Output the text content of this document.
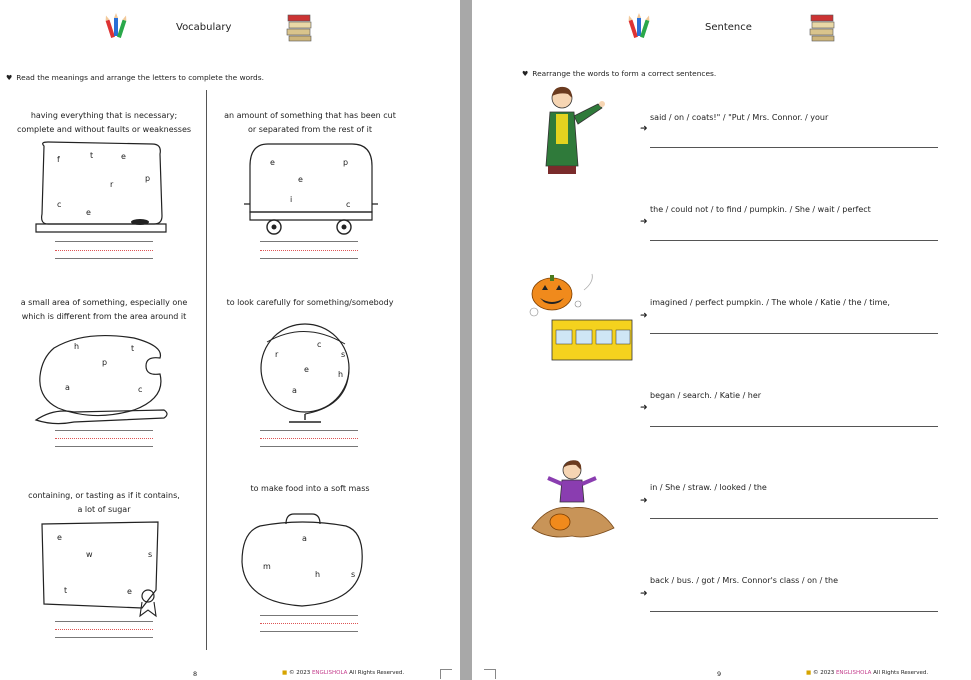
Vocabulary
♥ Read the meanings and arrange the letters to complete the words.
having everything that is necessary;
complete and without faults or weaknesses
f	t	e
r
p
c
e
an amount of something that has been cut
or separated from the rest of it
e	p
e
i
c
a small area of something, especially one
which is different from the area around it
h	t
p
a	c
to look carefully for something/somebody
c
r	s
e
h
a
containing, or tasting as if it contains,
a lot of sugar
e
w	s
t	e
to make food into a soft mass
a
m
h	s
8	■ © 2023 ENGLISHOLA All Rights Reserved.
Sentence
♥ Rearrange the words to form a correct sentences.
said / on / coats!" / "Put / Mrs. Connor. / your
➜
the / could not / to find / pumpkin. / She / wait / perfect
➜
imagined / perfect pumpkin. / The whole / Katie / the / time,
➜
began / search. / Katie / her
➜
in / She / straw. / looked / the
➜
back / bus. / got / Mrs. Connor's class / on / the
➜
9	■ © 2023 ENGLISHOLA All Rights Reserved.
